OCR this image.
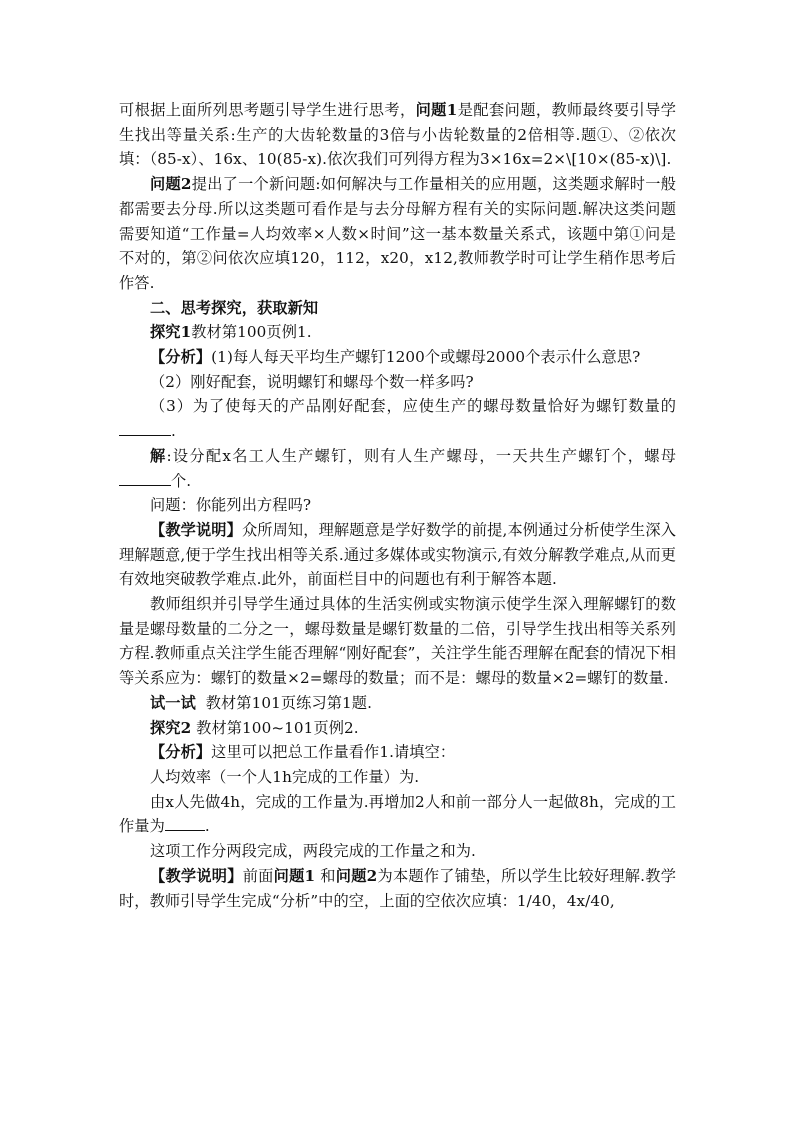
可根据上面所列思考题引导学生进行思考，问题1是配套问题，教师最终要引导学生找出等量关系:生产的大齿轮数量的3倍与小齿轮数量的2倍相等.题①、②依次填：（85-x）、16x、10(85-x).依次我们可列得方程为3×16x=2×\[10×(85-x)\].

问题2提出了一个新问题:如何解决与工作量相关的应用题，这类题求解时一般都需要去分母.所以这类题可看作是与去分母解方程有关的实际问题.解决这类问题需要知道“工作量=人均效率×人数×时间”这一基本数量关系式，该题中第①问是不对的，第②问依次应填120，112，x20，x12,教师教学时可让学生稍作思考后作答.

二、思考探究，获取新知

探究1教材第100页例1.

【分析】(1)每人每天平均生产螺钉1200个或螺母2000个表示什么意思?

（2）刚好配套，说明螺钉和螺母个数一样多吗?

（3）为了使每天的产品刚好配套，应使生产的螺母数量恰好为螺钉数量的.

解:设分配x名工人生产螺钉，则有人生产螺母，一天共生产螺钉个，螺母个.

问题：你能列出方程吗?

【教学说明】众所周知，理解题意是学好数学的前提,本例通过分析使学生深入理解题意,便于学生找出相等关系.通过多媒体或实物演示,有效分解教学难点,从而更有效地突破教学难点.此外，前面栏目中的问题也有利于解答本题.

教师组织并引导学生通过具体的生活实例或实物演示使学生深入理解螺钉的数量是螺母数量的二分之一，螺母数量是螺钉数量的二倍，引导学生找出相等关系列方程.教师重点关注学生能否理解“刚好配套”，关注学生能否理解在配套的情况下相等关系应为：螺钉的数量×2=螺母的数量；而不是：螺母的数量×2=螺钉的数量.

试一试  教材第101页练习第1题.

探究2 教材第100~101页例2.

【分析】这里可以把总工作量看作1.请填空：

人均效率（一个人1h完成的工作量）为.

由x人先做4h，完成的工作量为.再增加2人和前一部分人一起做8h，完成的工作量为	.

这项工作分两段完成，两段完成的工作量之和为.

【教学说明】前面问题1 和问题2为本题作了铺垫，所以学生比较好理解.教学时，教师引导学生完成“分析”中的空，上面的空依次应填：1/40，4x/40,
